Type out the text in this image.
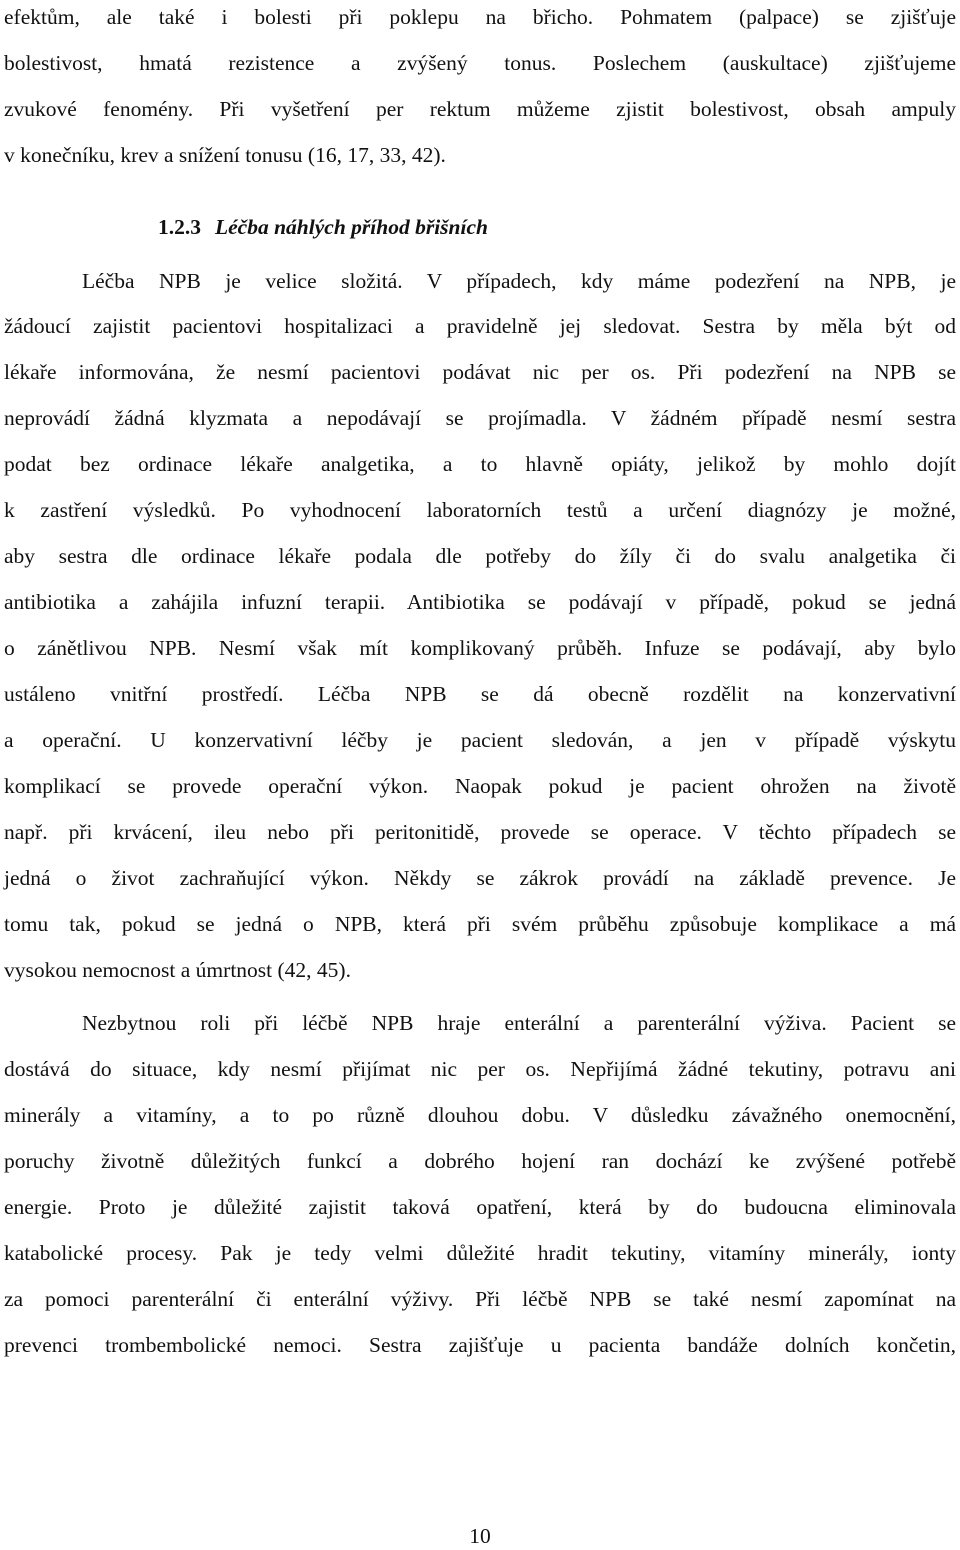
efektům, ale také i bolesti při poklepu na břicho. Pohmatem (palpace) se zjišťuje
bolestivost, hmatá rezistence a zvýšený tonus. Poslechem (auskultace) zjišťujeme
zvukové fenomény. Při vyšetření per rektum můžeme zjistit bolestivost, obsah ampuly
v konečníku, krev a snížení tonusu (16, 17, 33, 42).
1.2.3 Léčba náhlých příhod břišních
Léčba NPB je velice složitá. V případech, kdy máme podezření na NPB, je
žádoucí zajistit pacientovi hospitalizaci a pravidelně jej sledovat. Sestra by měla být od
lékaře informována, že nesmí pacientovi podávat nic per os. Při podezření na NPB se
neprovádí žádná klyzmata a nepodávají se projímadla. V žádném případě nesmí sestra
podat bez ordinace lékaře analgetika, a to hlavně opiáty, jelikož by mohlo dojít
k zastření výsledků. Po vyhodnocení laboratorních testů a určení diagnózy je možné,
aby sestra dle ordinace lékaře podala dle potřeby do žíly či do svalu analgetika či
antibiotika a zahájila infuzní terapii. Antibiotika se podávají v případě, pokud se jedná
o zánětlivou NPB. Nesmí však mít komplikovaný průběh. Infuze se podávají, aby bylo
ustáleno vnitřní prostředí. Léčba NPB se dá obecně rozdělit na konzervativní
a operační. U konzervativní léčby je pacient sledován, a jen v případě výskytu
komplikací se provede operační výkon. Naopak pokud je pacient ohrožen na životě
např. při krvácení, ileu nebo při peritonitidě, provede se operace. V těchto případech se
jedná o život zachraňující výkon. Někdy se zákrok provádí na základě prevence. Je
tomu tak, pokud se jedná o NPB, která při svém průběhu způsobuje komplikace a má
vysokou nemocnost a úmrtnost (42, 45).
Nezbytnou roli při léčbě NPB hraje enterální a parenterální výživa. Pacient se
dostává do situace, kdy nesmí přijímat nic per os. Nepřijímá žádné tekutiny, potravu ani
minerály a vitamíny, a to po různě dlouhou dobu. V důsledku závažného onemocnění,
poruchy životně důležitých funkcí a dobrého hojení ran dochází ke zvýšené potřebě
energie. Proto je důležité zajistit taková opatření, která by do budoucna eliminovala
katabolické procesy. Pak je tedy velmi důležité hradit tekutiny, vitamíny minerály, ionty
za pomoci parenterální či enterální výživy. Při léčbě NPB se také nesmí zapomínat na
prevenci trombembolické nemoci. Sestra zajišťuje u pacienta bandáže dolních končetin,
10
